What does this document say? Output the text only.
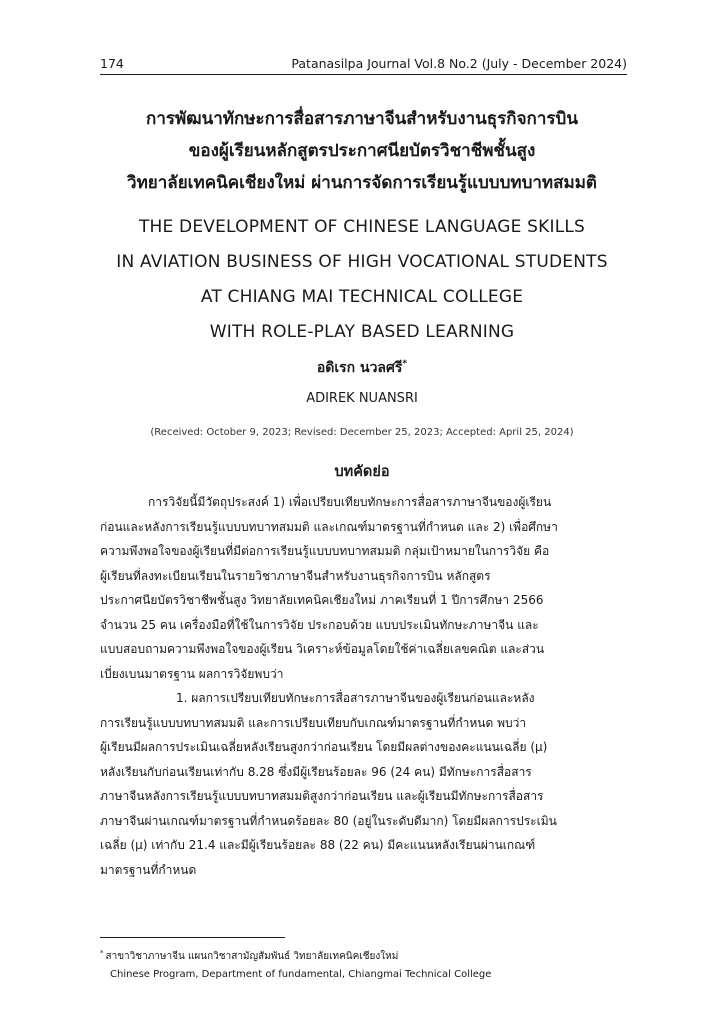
174	Patanasilpa Journal Vol.8 No.2 (July - December 2024)
การพัฒนาทักษะการสื่อสารภาษาจีนสำหรับงานธุรกิจการบิน
ของผู้เรียนหลักสูตรประกาศนียบัตรวิชาชีพชั้นสูง
วิทยาลัยเทคนิคเชียงใหม่ ผ่านการจัดการเรียนรู้แบบบทบาทสมมติ
THE DEVELOPMENT OF CHINESE LANGUAGE SKILLS
IN AVIATION BUSINESS OF HIGH VOCATIONAL STUDENTS
AT CHIANG MAI TECHNICAL COLLEGE
WITH ROLE-PLAY BASED LEARNING
อดิเรก นวลศรี*
ADIREK NUANSRI
(Received: October 9, 2023; Revised: December 25, 2023; Accepted: April 25, 2024)
บทคัดย่อ
การวิจัยนี้มีวัตถุประสงค์ 1) เพื่อเปรียบเทียบทักษะการสื่อสารภาษาจีนของผู้เรียน
ก่อนและหลังการเรียนรู้แบบบทบาทสมมติ และเกณฑ์มาตรฐานที่กำหนด และ 2) เพื่อศึกษา
ความพึงพอใจของผู้เรียนที่มีต่อการเรียนรู้แบบบทบาทสมมติ กลุ่มเป้าหมายในการวิจัย คือ
ผู้เรียนที่ลงทะเบียนเรียนในรายวิชาภาษาจีนสำหรับงานธุรกิจการบิน หลักสูตร
ประกาศนียบัตรวิชาชีพชั้นสูง วิทยาลัยเทคนิคเชียงใหม่ ภาคเรียนที่ 1 ปีการศึกษา 2566
จำนวน 25 คน เครื่องมือที่ใช้ในการวิจัย ประกอบด้วย แบบประเมินทักษะภาษาจีน และ
แบบสอบถามความพึงพอใจของผู้เรียน วิเคราะห์ข้อมูลโดยใช้ค่าเฉลี่ยเลขคณิต และส่วน
เบี่ยงเบนมาตรฐาน ผลการวิจัยพบว่า
1. ผลการเปรียบเทียบทักษะการสื่อสารภาษาจีนของผู้เรียนก่อนและหลัง
การเรียนรู้แบบบทบาทสมมติ และการเปรียบเทียบกับเกณฑ์มาตรฐานที่กำหนด พบว่า
ผู้เรียนมีผลการประเมินเฉลี่ยหลังเรียนสูงกว่าก่อนเรียน โดยมีผลต่างของคะแนนเฉลี่ย (μ)
หลังเรียนกับก่อนเรียนเท่ากับ 8.28 ซึ่งมีผู้เรียนร้อยละ 96 (24 คน) มีทักษะการสื่อสาร
ภาษาจีนหลังการเรียนรู้แบบบทบาทสมมติสูงกว่าก่อนเรียน และผู้เรียนมีทักษะการสื่อสาร
ภาษาจีนผ่านเกณฑ์มาตรฐานที่กำหนดร้อยละ 80 (อยู่ในระดับดีมาก) โดยมีผลการประเมิน
เฉลี่ย (μ) เท่ากับ 21.4 และมีผู้เรียนร้อยละ 88 (22 คน) มีคะแนนหลังเรียนผ่านเกณฑ์
มาตรฐานที่กำหนด
* สาขาวิชาภาษาจีน แผนกวิชาสามัญสัมพันธ์ วิทยาลัยเทคนิคเชียงใหม่
Chinese Program, Department of fundamental, Chiangmai Technical College
